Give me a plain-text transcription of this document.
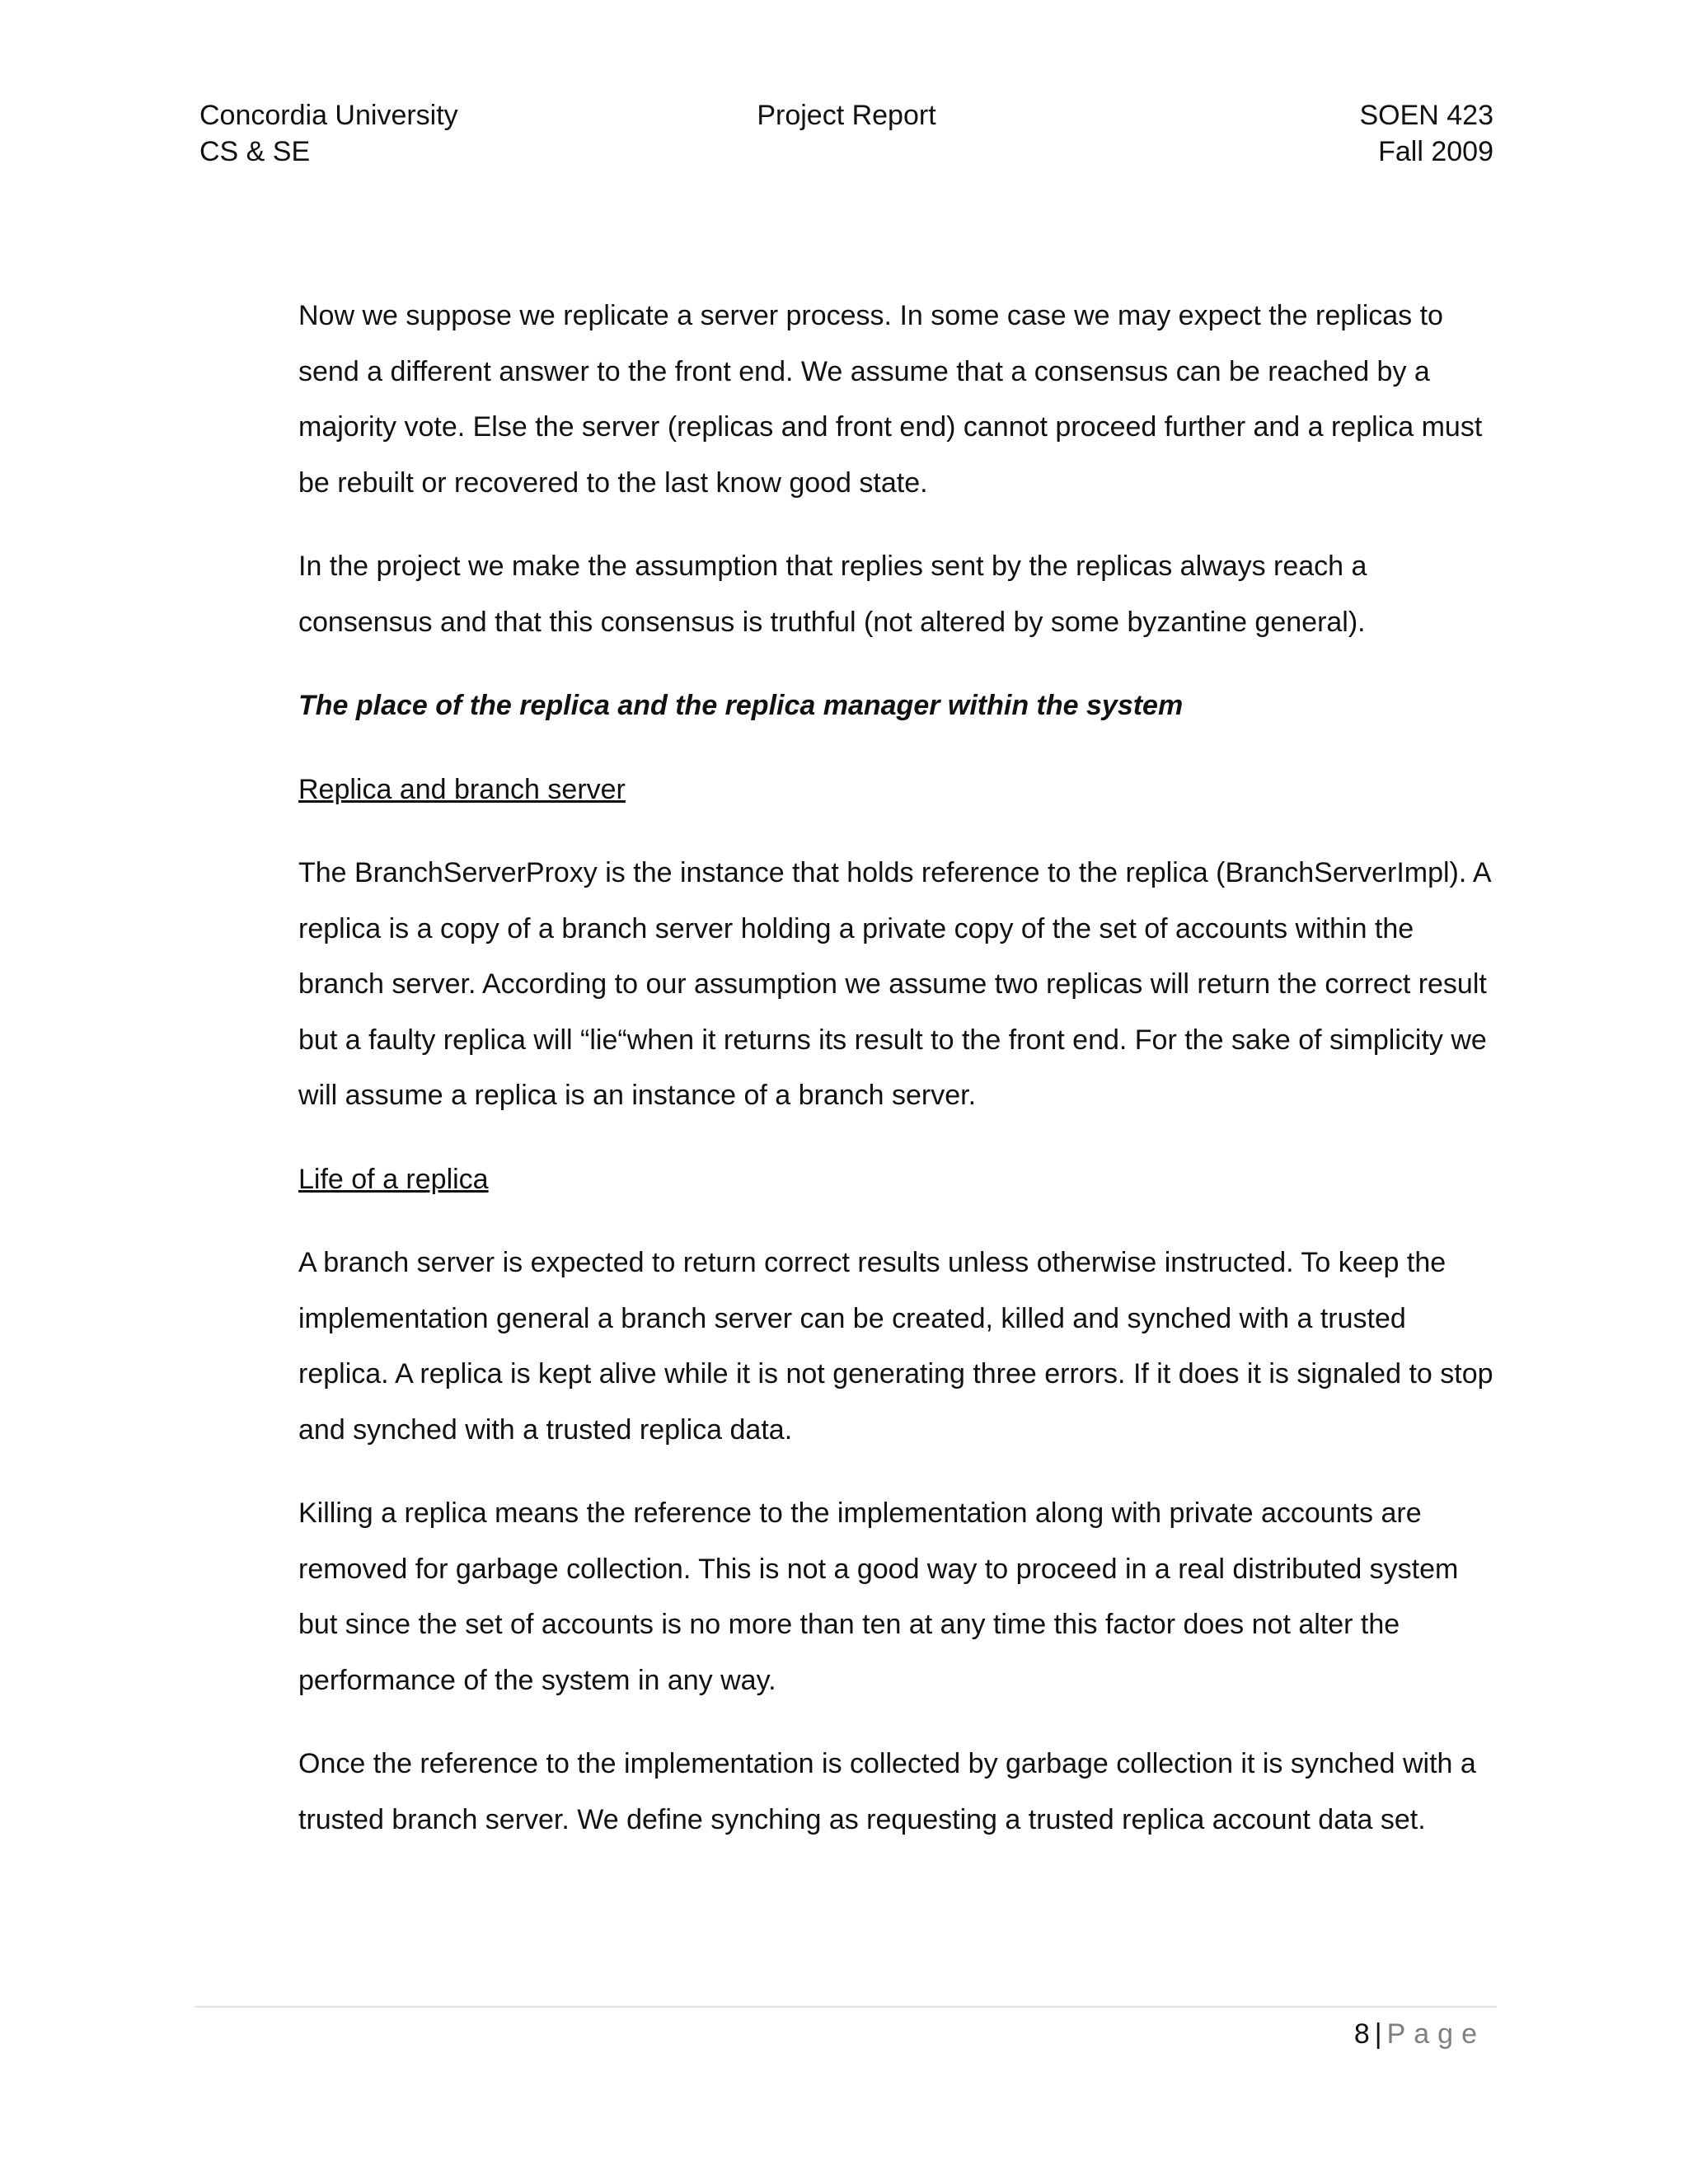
Concordia University
CS & SE
Project Report	SOEN 423
Fall 2009

Now we suppose we replicate a server process. In some case we may expect the replicas to send a different answer to the front end. We assume that a consensus can be reached by a majority vote. Else the server (replicas and front end) cannot proceed further and a replica must be rebuilt or recovered to the last know good state.

In the project we make the assumption that replies sent by the replicas always reach a consensus and that this consensus is truthful (not altered by some byzantine general).

The place of the replica and the replica manager within the system

Replica and branch server

The BranchServerProxy is the instance that holds reference to the replica (BranchServerImpl). A replica is a copy of a branch server holding a private copy of the set of accounts within the branch server. According to our assumption we assume two replicas will return the correct result but a faulty replica will “lie“when it returns its result to the front end. For the sake of simplicity we will assume a replica is an instance of a branch server.

Life of a replica

A branch server is expected to return correct results unless otherwise instructed. To keep the implementation general a branch server can be created, killed and synched with a trusted replica. A replica is kept alive while it is not generating three errors. If it does it is signaled to stop and synched with a trusted replica data.

Killing a replica means the reference to the implementation along with private accounts are removed for garbage collection. This is not a good way to proceed in a real distributed system but since the set of accounts is no more than ten at any time this factor does not alter the performance of the system in any way.

Once the reference to the implementation is collected by garbage collection it is synched with a trusted branch server. We define synching as requesting a trusted replica account data set.

8 | Page
